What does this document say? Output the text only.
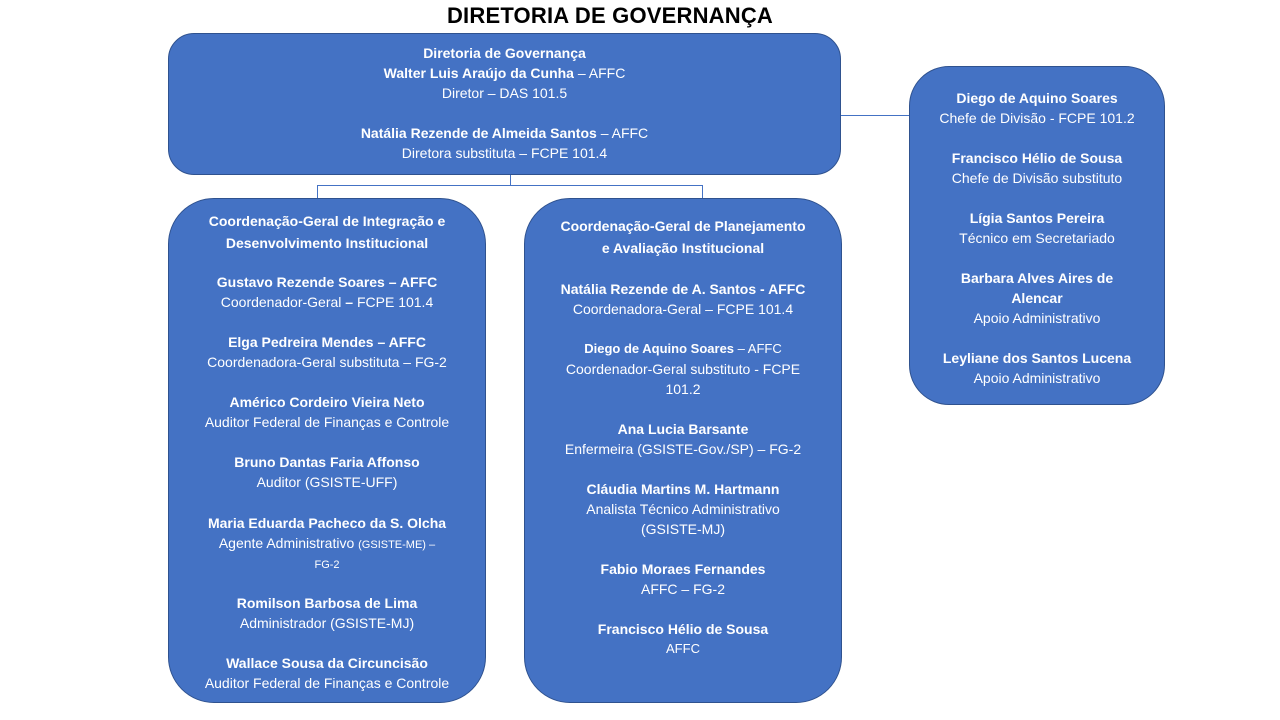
DIRETORIA DE GOVERNANÇA
Diretoria de Governança
Walter Luis Araújo da Cunha – AFFC
Diretor – DAS 101.5
Natália Rezende de Almeida Santos – AFFC
Diretora substituta – FCPE 101.4
Coordenação-Geral de Integração e
Desenvolvimento Institucional
Gustavo Rezende Soares – AFFC
Coordenador-Geral – FCPE 101.4
Elga Pedreira Mendes – AFFC
Coordenadora-Geral substituta – FG-2
Américo Cordeiro Vieira Neto
Auditor Federal de Finanças e Controle
Bruno Dantas Faria Affonso
Auditor (GSISTE-UFF)
Maria Eduarda Pacheco da S. Olcha
Agente Administrativo (GSISTE-ME) –
FG-2
Romilson Barbosa de Lima
Administrador (GSISTE-MJ)
Wallace Sousa da Circuncisão
Auditor Federal de Finanças e Controle
Coordenação-Geral de Planejamento
e Avaliação Institucional
Natália Rezende de A. Santos - AFFC
Coordenadora-Geral – FCPE 101.4
Diego de Aquino Soares – AFFC
Coordenador-Geral substituto - FCPE
101.2
Ana Lucia Barsante
Enfermeira (GSISTE-Gov./SP) – FG-2
Cláudia Martins M. Hartmann
Analista Técnico Administrativo
(GSISTE-MJ)
Fabio Moraes Fernandes
AFFC – FG-2
Francisco Hélio de Sousa
AFFC
Diego de Aquino Soares
Chefe de Divisão - FCPE 101.2
Francisco Hélio de Sousa
Chefe de Divisão substituto
Lígia Santos Pereira
Técnico em Secretariado
Barbara Alves Aires de
Alencar
Apoio Administrativo
Leyliane dos Santos Lucena
Apoio Administrativo
